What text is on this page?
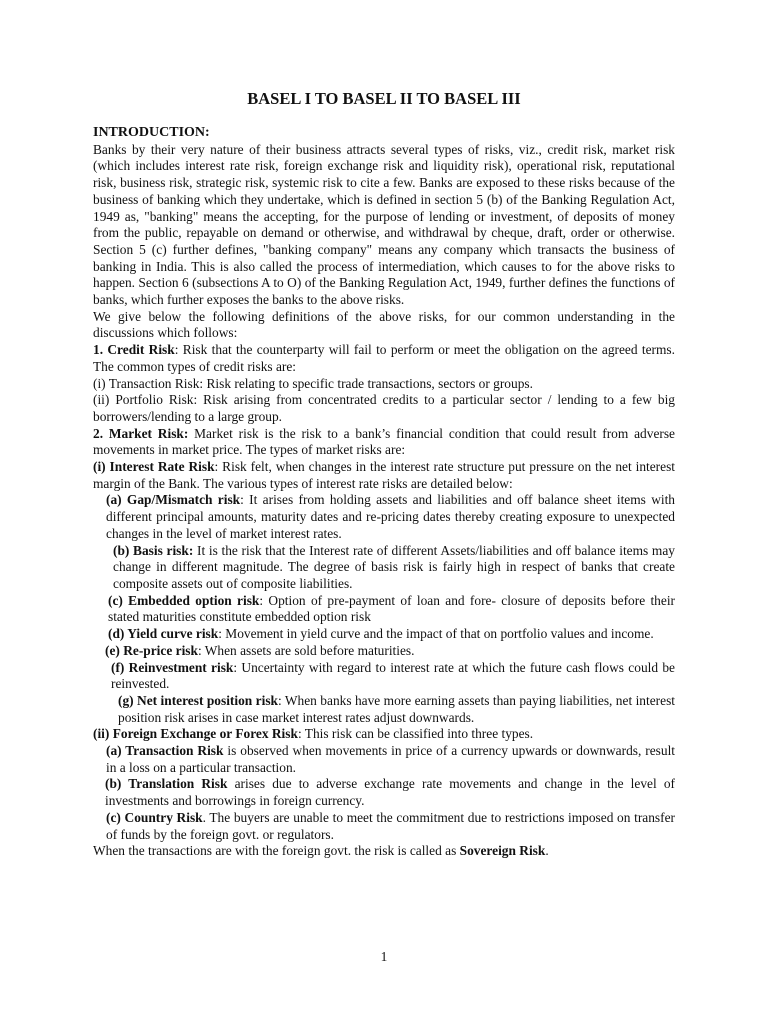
BASEL I TO BASEL II TO BASEL III

INTRODUCTION:

Banks by their very nature of their business attracts several types of risks, viz., credit risk, market risk (which includes interest rate risk, foreign exchange risk and liquidity risk), operational risk, reputational risk, business risk, strategic risk, systemic risk to cite a few. Banks are exposed to these risks because of the business of banking which they undertake, which is defined in section 5 (b) of the Banking Regulation Act, 1949 as, "banking" means the accepting, for the purpose of lending or investment, of deposits of money from the public, repayable on demand or otherwise, and withdrawal by cheque, draft, order or otherwise. Section 5 (c) further defines, "banking company" means any company which transacts the business of banking in India. This is also called the process of intermediation, which causes to for the above risks to happen. Section 6 (subsections A to O) of the Banking Regulation Act, 1949, further defines the functions of banks, which further exposes the banks to the above risks.

We give below the following definitions of the above risks, for our common understanding in the discussions which follows:

1. Credit Risk: Risk that the counterparty will fail to perform or meet the obligation on the agreed terms. The common types of credit risks are:

(i) Transaction Risk: Risk relating to specific trade transactions, sectors or groups.

(ii) Portfolio Risk: Risk arising from concentrated credits to a particular sector / lending to a few big borrowers/lending to a large group.

2. Market Risk: Market risk is the risk to a bank’s financial condition that could result from adverse movements in market price. The types of market risks are:

(i) Interest Rate Risk: Risk felt, when changes in the interest rate structure put pressure on the net interest margin of the Bank. The various types of interest rate risks are detailed below:

(a) Gap/Mismatch risk: It arises from holding assets and liabilities and off balance sheet items with different principal amounts, maturity dates and re-pricing dates thereby creating exposure to unexpected changes in the level of market interest rates.

(b) Basis risk: It is the risk that the Interest rate of different Assets/liabilities and off balance items may change in different magnitude. The degree of basis risk is fairly high in respect of banks that create composite assets out of composite liabilities.

(c) Embedded option risk: Option of pre-payment of loan and fore- closure of deposits before their stated maturities constitute embedded option risk

(d) Yield curve risk: Movement in yield curve and the impact of that on portfolio values and income.

(e) Re-price risk: When assets are sold before maturities.

(f) Reinvestment risk: Uncertainty with regard to interest rate at which the future cash flows could be reinvested.

(g) Net interest position risk: When banks have more earning assets than paying liabilities, net interest position risk arises in case market interest rates adjust downwards.

(ii) Foreign Exchange or Forex Risk: This risk can be classified into three types.

(a) Transaction Risk is observed when movements in price of a currency upwards or downwards, result in a loss on a particular transaction.

(b) Translation Risk arises due to adverse exchange rate movements and change in the level of investments and borrowings in foreign currency.

(c) Country Risk. The buyers are unable to meet the commitment due to restrictions imposed on transfer of funds by the foreign govt. or regulators.

When the transactions are with the foreign govt. the risk is called as Sovereign Risk.

1
